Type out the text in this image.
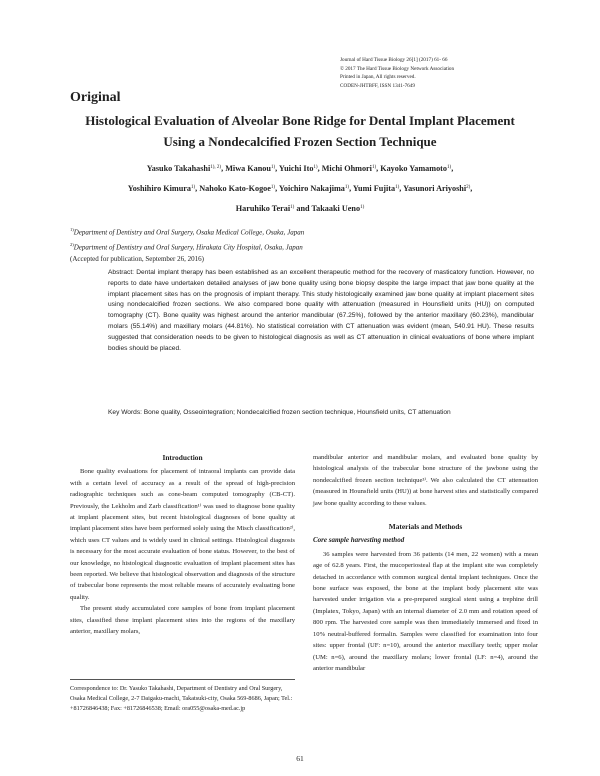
Journal of Hard Tissue Biology 26[1] (2017) 61- 66
© 2017 The Hard Tissue Biology Network Association
Printed in Japan, All rights reserved.
CODEN-JHTBFF, ISSN 1341-7649
Original
Histological Evaluation of Alveolar Bone Ridge for Dental Implant Placement
Using a Nondecalcified Frozen Section Technique
Yasuko Takahashi$^{1), 2)}$, Miwa Kanou$^{1)}$, Yuichi Ito$^{1)}$, Michi Ohmori$^{1)}$, Kayoko Yamamoto$^{1)}$,
Yoshihiro Kimura$^{1)}$, Nahoko Kato-Kogoe$^{1)}$, Yoichiro Nakajima$^{1)}$, Yumi Fujita$^{1)}$, Yasunori Ariyoshi$^{2)}$,
Haruhiko Terai$^{1)}$ and Takaaki Ueno$^{1)}$
$^{1)}$Department of Dentistry and Oral Surgery, Osaka Medical College, Osaka, Japan
$^{2)}$Department of Dentistry and Oral Surgery, Hirakata City Hospital, Osaka, Japan
(Accepted for publication, September 26, 2016)
Abstract: Dental implant therapy has been established as an excellent therapeutic method for the recovery of masticatory function. However, no reports to date have undertaken detailed analyses of jaw bone quality using bone biopsy despite the large impact that jaw bone quality at the implant placement sites has on the prognosis of implant therapy. This study histologically examined jaw bone quality at implant placement sites using nondecalcified frozen sections. We also compared bone quality with attenuation (measured in Hounsfield units (HU)) on computed tomography (CT). Bone quality was highest around the anterior mandibular (67.25%), followed by the anterior maxillary (60.23%), mandibular molars (55.14%) and maxillary molars (44.81%). No statistical correlation with CT attenuation was evident (mean, 540.91 HU). These results suggested that consideration needs to be given to histological diagnosis as well as CT attenuation in clinical evaluations of bone where implant bodies should be placed.
Key Words: Bone quality, Osseointegration; Nondecalcified frozen section technique, Hounsfield units, CT attenuation
Introduction

Bone quality evaluations for placement of intraoral implants can provide data with a certain level of accuracy as a result of the spread of high-precision radiographic techniques such as cone-beam computed tomography (CB-CT). Previously, the Lekholm and Zarb classification¹⁾ was used to diagnose bone quality at implant placement sites, but recent histological diagnoses of bone quality at implant placement sites have been performed solely using the Misch classification²⁾, which uses CT values and is widely used in clinical settings. Histological diagnosis is necessary for the most accurate evaluation of bone status. However, to the best of our knowledge, no histological diagnostic evaluation of implant placement sites has been reported. We believe that histological observation and diagnosis of the structure of trabecular bone represents the most reliable means of accurately evaluating bone quality.

The present study accumulated core samples of bone from implant placement sites, classified these implant placement sites into the regions of the maxillary anterior, maxillary molars,

mandibular anterior and mandibular molars, and evaluated bone quality by histological analysis of the trabecular bone structure of the jawbone using the nondecalcified frozen section technique³⁾. We also calculated the CT attenuation (measured in Hounsfield units (HU)) at bone harvest sites and statistically compared jaw bone quality according to these values.

Materials and Methods
Core sample harvesting method

36 samples were harvested from 36 patients (14 men, 22 women) with a mean age of 62.8 years. First, the mucoperiosteal flap at the implant site was completely detached in accordance with common surgical dental implant techniques. Once the bone surface was exposed, the bone at the implant body placement site was harvested under irrigation via a pre-prepared surgical stent using a trephine drill (Implatex, Tokyo, Japan) with an internal diameter of 2.0 mm and rotation speed of 800 rpm. The harvested core sample was then immediately immersed and fixed in 10% neutral-buffered formalin. Samples were classified for examination into four sites: upper frontal (UF: n=10), around the anterior maxillary teeth; upper molar (UM: n=6), around the maxillary molars; lower frontal (LF: n=4), around the anterior mandibular

Correspondence to: Dr. Yasuko Takahashi, Department of Dentistry and Oral Surgery, Osaka Medical College, 2-7 Daigaku-machi, Takatsuki-city, Osaka 569-8686, Japan; Tel.: +81726846438; Fax: +81726846538; Email: ora055@osaka-med.ac.jp
61
